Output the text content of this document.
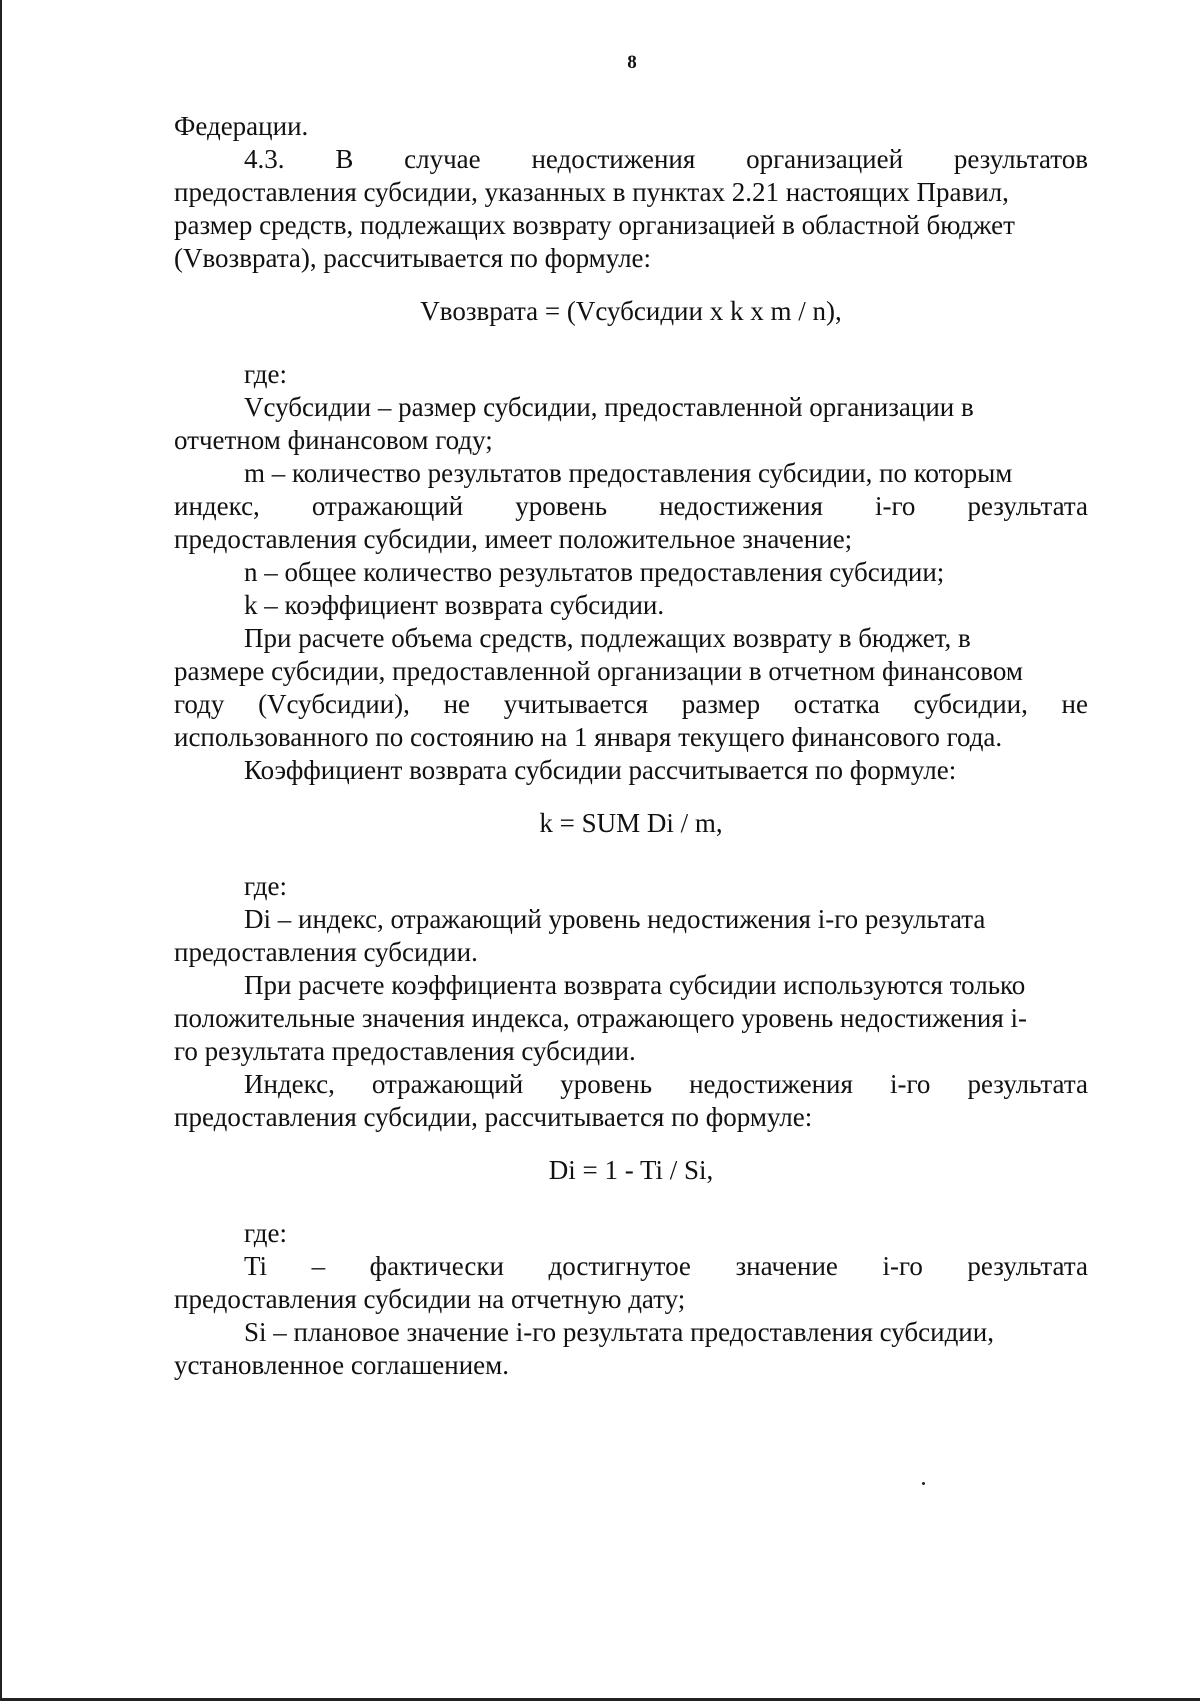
8
Федерации.
4.3. В случае недостижения организацией результатов
предоставления субсидии, указанных в пунктах 2.21 настоящих Правил,
размер средств, подлежащих возврату организацией в областной бюджет
(Vвозврата), рассчитывается по формуле:
Vвозврата = (Vсубсидии x k x m / n),
где:
Vсубсидии – размер субсидии, предоставленной организации в
отчетном финансовом году;
m – количество результатов предоставления субсидии, по которым
индекс, отражающий уровень недостижения i-го результата
предоставления субсидии, имеет положительное значение;
n – общее количество результатов предоставления субсидии;
k – коэффициент возврата субсидии.
При расчете объема средств, подлежащих возврату в бюджет, в
размере субсидии, предоставленной организации в отчетном финансовом
году (Vсубсидии), не учитывается размер остатка субсидии, не
использованного по состоянию на 1 января текущего финансового года.
Коэффициент возврата субсидии рассчитывается по формуле:
k = SUM Di / m,
где:
Di – индекс, отражающий уровень недостижения i-го результата
предоставления субсидии.
При расчете коэффициента возврата субсидии используются только
положительные значения индекса, отражающего уровень недостижения i-
го результата предоставления субсидии.
Индекс, отражающий уровень недостижения i-го результата
предоставления субсидии, рассчитывается по формуле:
Di = 1 - Ti / Si,
где:
Ti – фактически достигнутое значение i-го результата
предоставления субсидии на отчетную дату;
Si – плановое значение i-го результата предоставления субсидии,
установленное соглашением.
